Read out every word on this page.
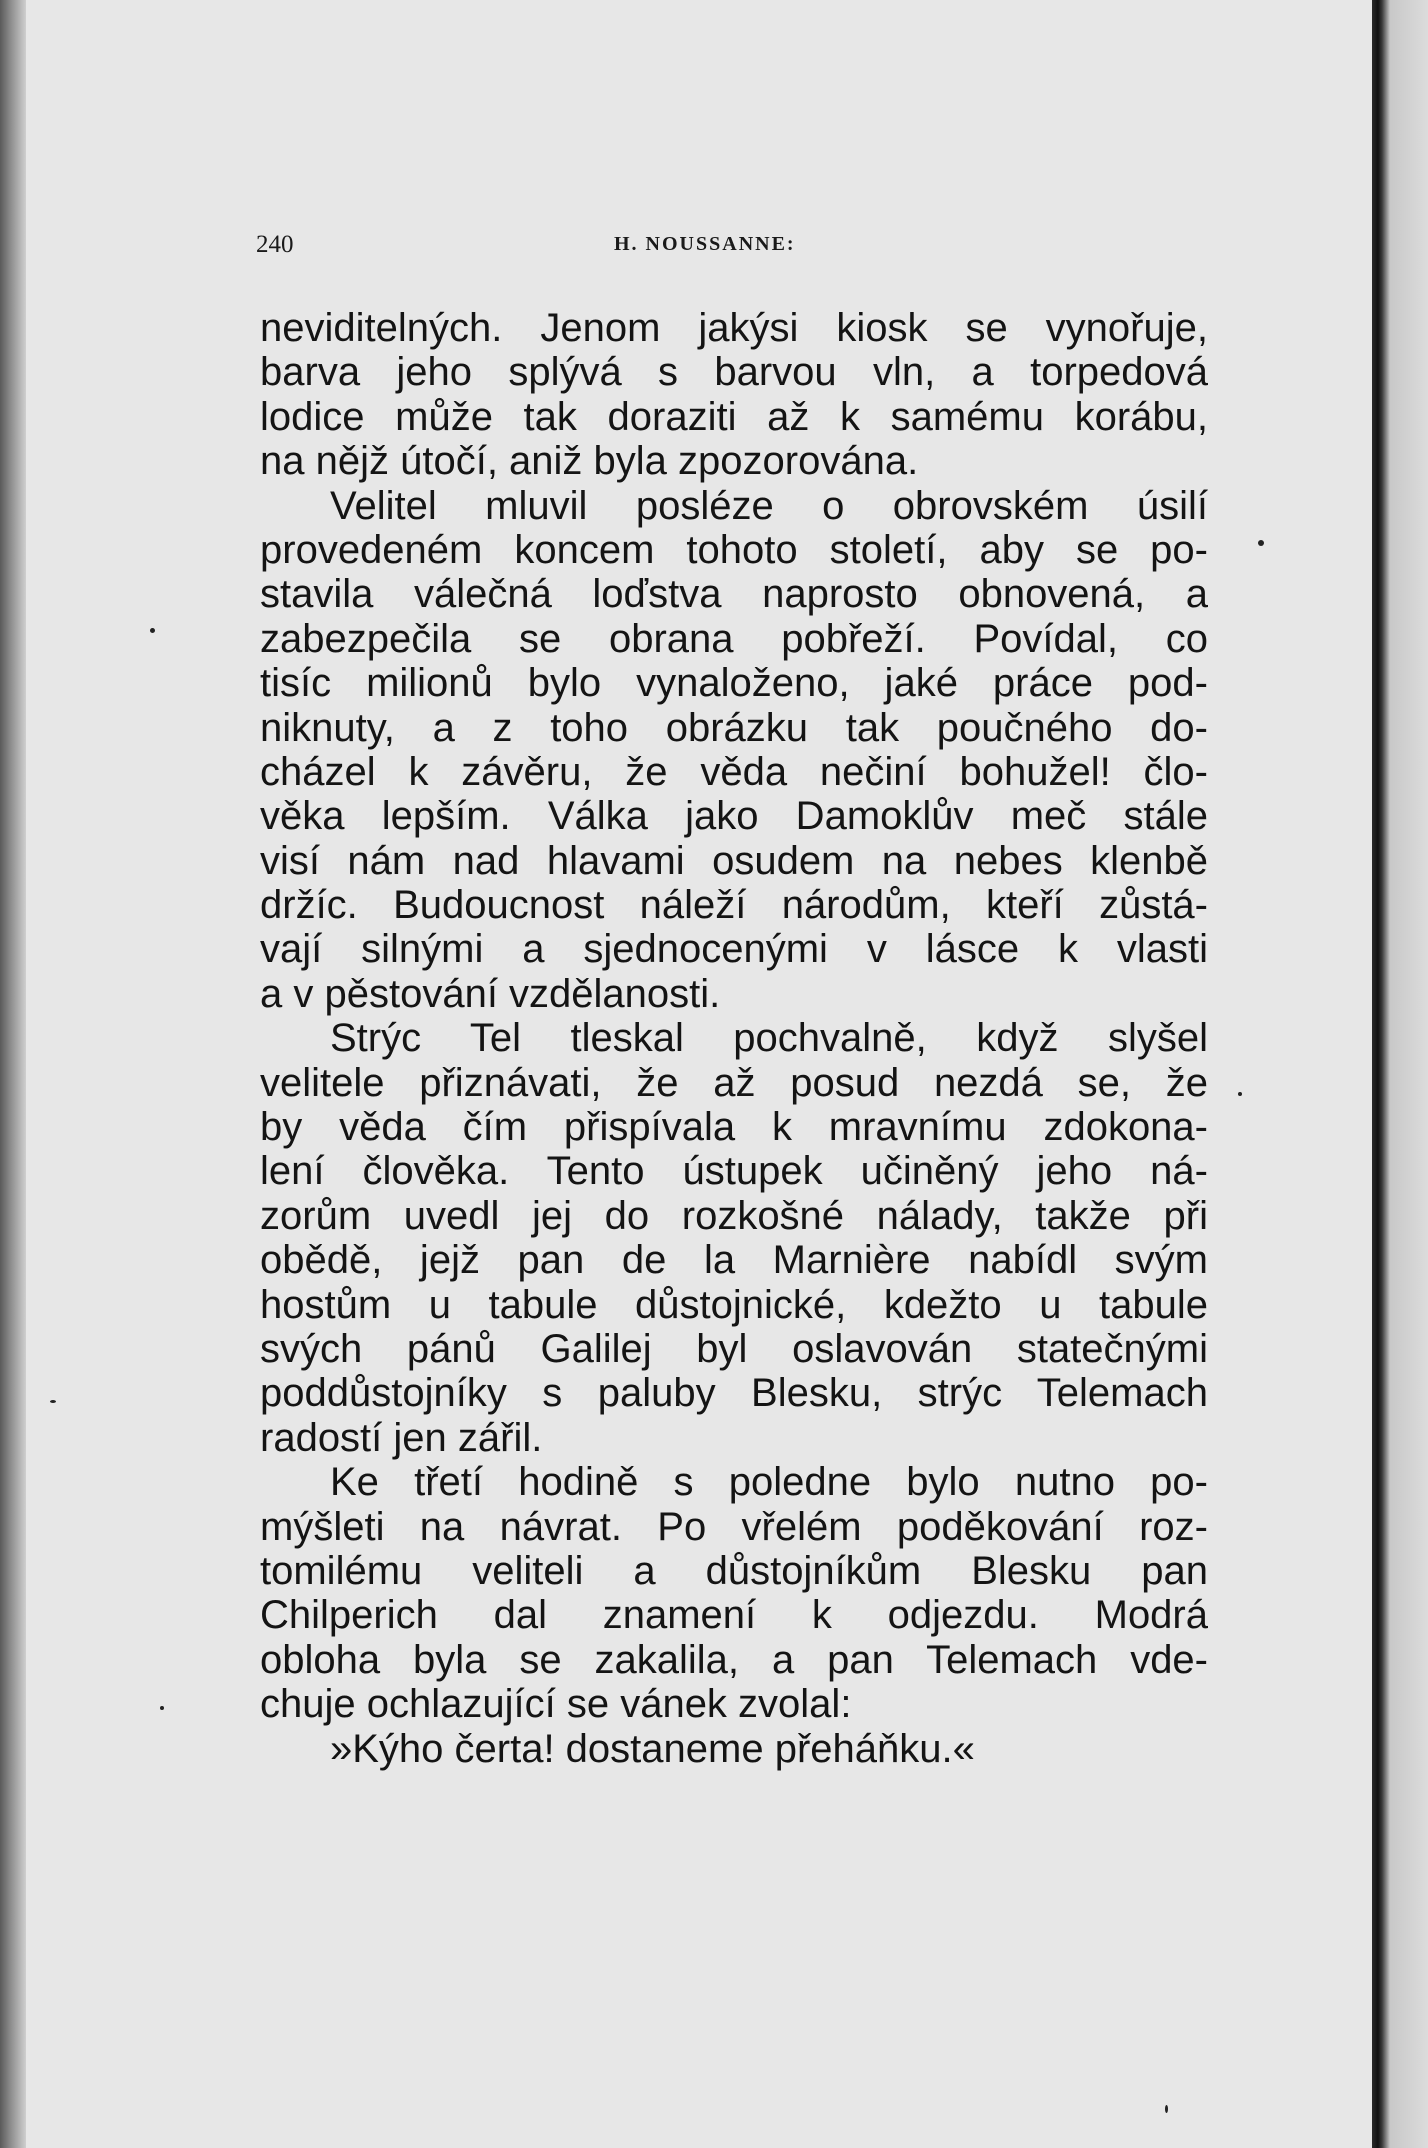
240	H. NOUSSANNE:
neviditelných. Jenom jakýsi kiosk se vynořuje,
barva jeho splývá s barvou vln, a torpedová
lodice může tak doraziti až k samému korábu,
na nějž útočí, aniž byla zpozorována.
Velitel mluvil posléze o obrovském úsilí
provedeném koncem tohoto století, aby se po-
stavila válečná loďstva naprosto obnovená, a
zabezpečila se obrana pobřeží. Povídal, co
tisíc milionů bylo vynaloženo, jaké práce pod-
niknuty, a z toho obrázku tak poučného do-
cházel k závěru, že věda nečiní bohužel! člo-
věka lepším. Válka jako Damoklův meč stále
visí nám nad hlavami osudem na nebes klenbě
držíc. Budoucnost náleží národům, kteří zůstá-
vají silnými a sjednocenými v lásce k vlasti
a v pěstování vzdělanosti.
Strýc Tel tleskal pochvalně, když slyšel
velitele přiznávati, že až posud nezdá se, že
by věda čím přispívala k mravnímu zdokona-
lení člověka. Tento ústupek učiněný jeho ná-
zorům uvedl jej do rozkošné nálady, takže při
obědě, jejž pan de la Marnière nabídl svým
hostům u tabule důstojnické, kdežto u tabule
svých pánů Galilej byl oslavován statečnými
poddůstojníky s paluby Blesku, strýc Telemach
radostí jen zářil.
Ke třetí hodině s poledne bylo nutno po-
mýšleti na návrat. Po vřelém poděkování roz-
tomilému veliteli a důstojníkům Blesku pan
Chilperich dal znamení k odjezdu. Modrá
obloha byla se zakalila, a pan Telemach vde-
chuje ochlazující se vánek zvolal:
»Kýho čerta! dostaneme přeháňku.«
